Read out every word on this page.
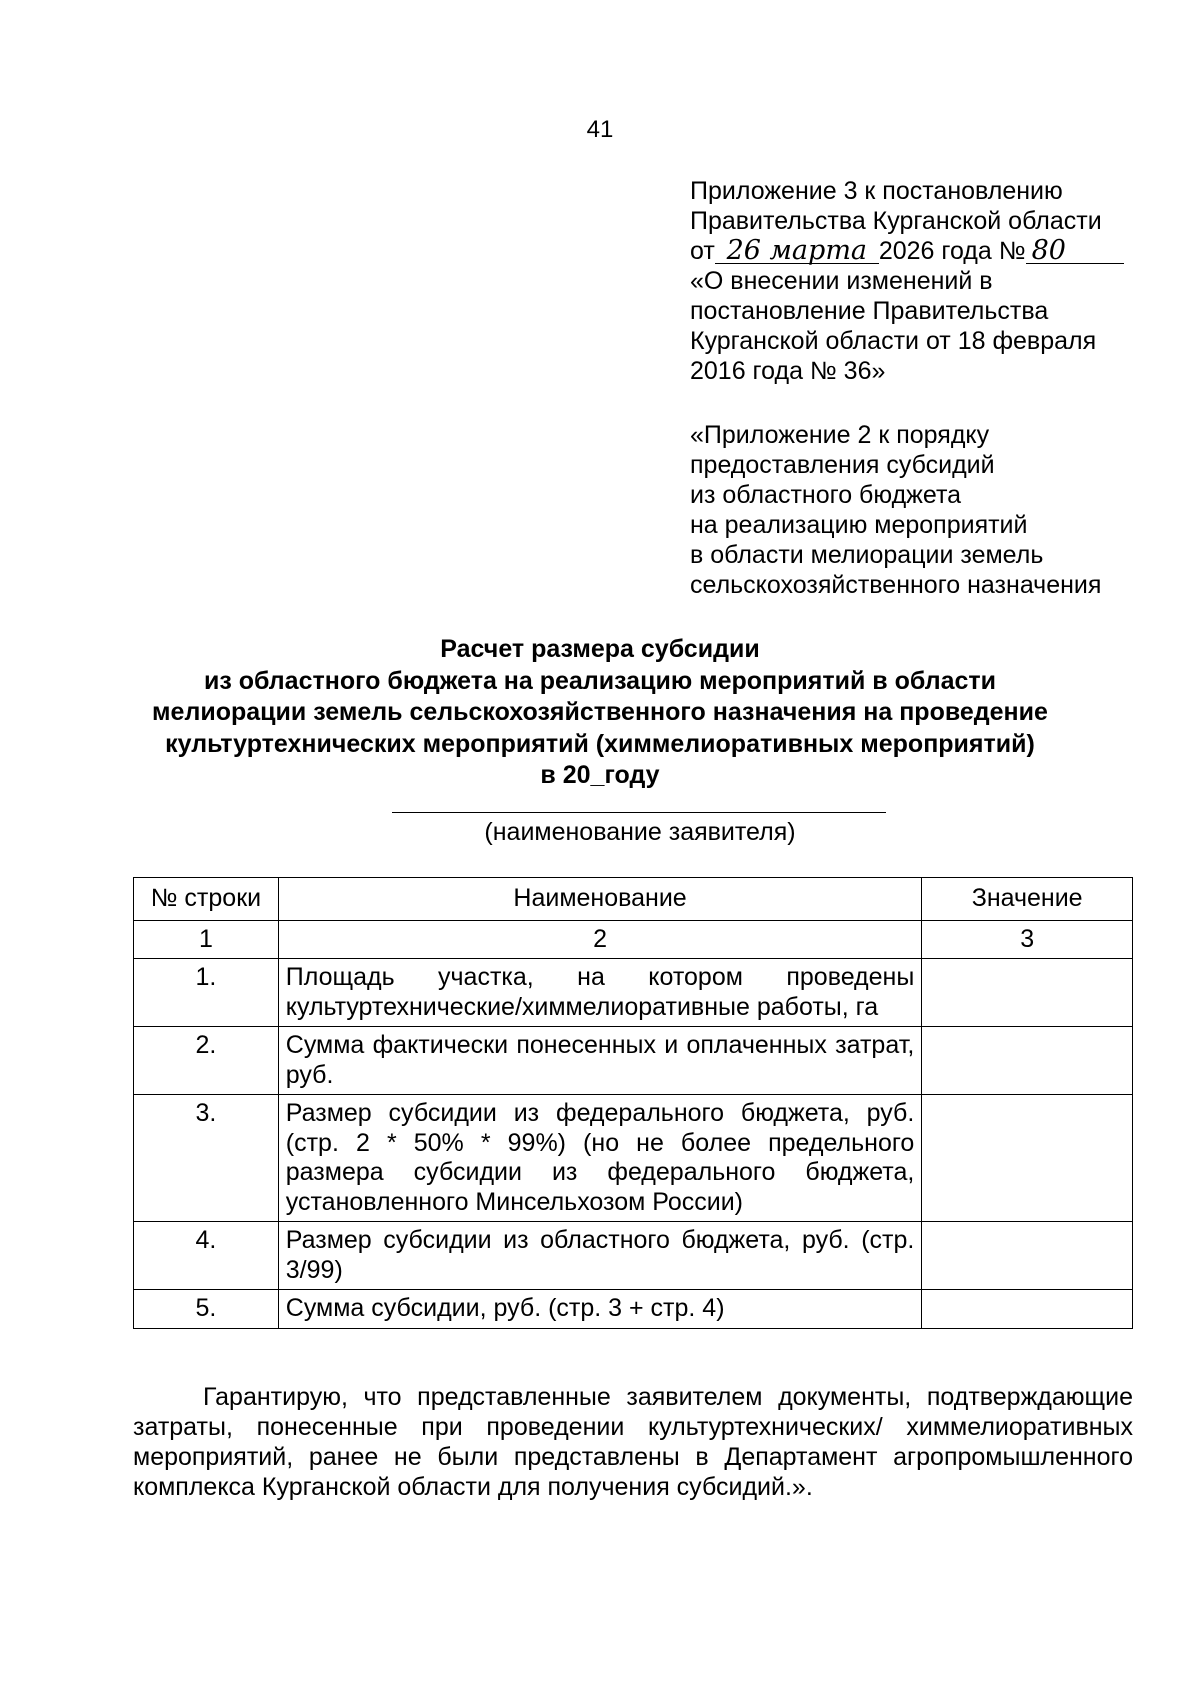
41

Приложение 3 к постановлению

Правительства Курганской области

от 26 марта 2026 года № 80

«О внесении изменений в

постановление Правительства

Курганской области от 18 февраля

2016 года № 36»

«Приложение 2 к порядку

предоставления субсидий

из областного бюджета

на реализацию мероприятий

в области мелиорации земель

сельскохозяйственного назначения

Расчет размера субсидии

из областного бюджета на реализацию мероприятий в области

мелиорации земель сельскохозяйственного назначения на проведение

культуртехнических мероприятий (химмелиоративных мероприятий)

в 20_году

(наименование заявителя)
№ строки	Наименование	Значение
1	2	3
1.	Площадь участка, на котором проведены культуртехнические/химмелиоративные работы, га	
2.	Сумма фактически понесенных и оплаченных затрат, руб.	
3.	Размер субсидии из федерального бюджета, руб. (стр. 2 * 50% * 99%) (но не более предельного размера субсидии из федерального бюджета, установленного Минсельхозом России)	
4.	Размер субсидии из областного бюджета, руб. (стр. 3/99)	
5.	Сумма субсидии, руб. (стр. 3 + стр. 4)	

Гарантирую, что представленные заявителем документы, подтверждающие затраты, понесенные при проведении культуртехнических/ химмелиоративных мероприятий, ранее не были представлены в Департамент агропромышленного комплекса Курганской области для получения субсидий.».
